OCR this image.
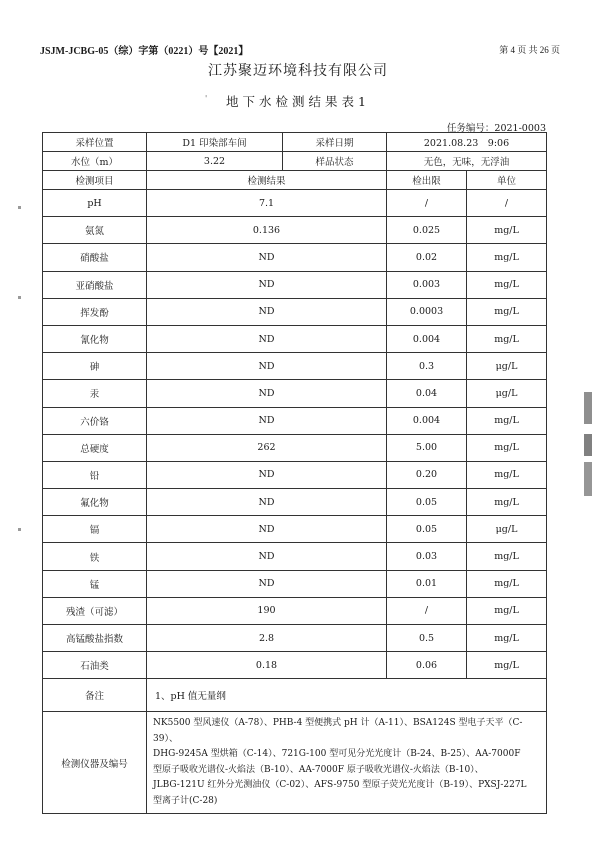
JSJM-JCBG-05（综）字第（0221）号【2021】	第 4 页 共 26 页
江苏聚迈环境科技有限公司
'	地下水检测结果表1
任务编号：2021-0003
采样位置	D1 印染部车间	采样日期	2021.08.23　9:06	
水位（m）	3.22	样品状态	无色，无味，无浮油	
检测项目	检测结果		检出限	单位
pH	7.1		/	/
氨氮	0.136		0.025	mg/L
硝酸盐	ND		0.02	mg/L
亚硝酸盐	ND		0.003	mg/L
挥发酚	ND		0.0003	mg/L
氰化物	ND		0.004	mg/L
砷	ND		0.3	μg/L
汞	ND		0.04	μg/L
六价铬	ND		0.004	mg/L
总硬度	262		5.00	mg/L
铅	ND		0.20	mg/L
氟化物	ND		0.05	mg/L
镉	ND		0.05	μg/L
铁	ND		0.03	mg/L
锰	ND		0.01	mg/L
残渣（可滤）	190		/	mg/L
高锰酸盐指数	2.8		0.5	mg/L
石油类	0.18		0.06	mg/L
备注	1、pH 值无量纲			
检测仪器及编号	NK5500 型风速仪（A-78）、PHB-4 型便携式 pH 计（A-11）、BSA124S 型电子天平（C-39）、
DHG-9245A 型烘箱（C-14）、721G-100 型可见分光光度计（B-24、B-25）、AA-7000F
型原子吸收光谱仪-火焰法（B-10）、AA-7000F 原子吸收光谱仪-火焰法（B-10）、
JLBG-121U 红外分光测油仪（C-02）、AFS-9750 型原子荧光光度计（B-19）、PXSJ-227L
型离子计(C-28)			
